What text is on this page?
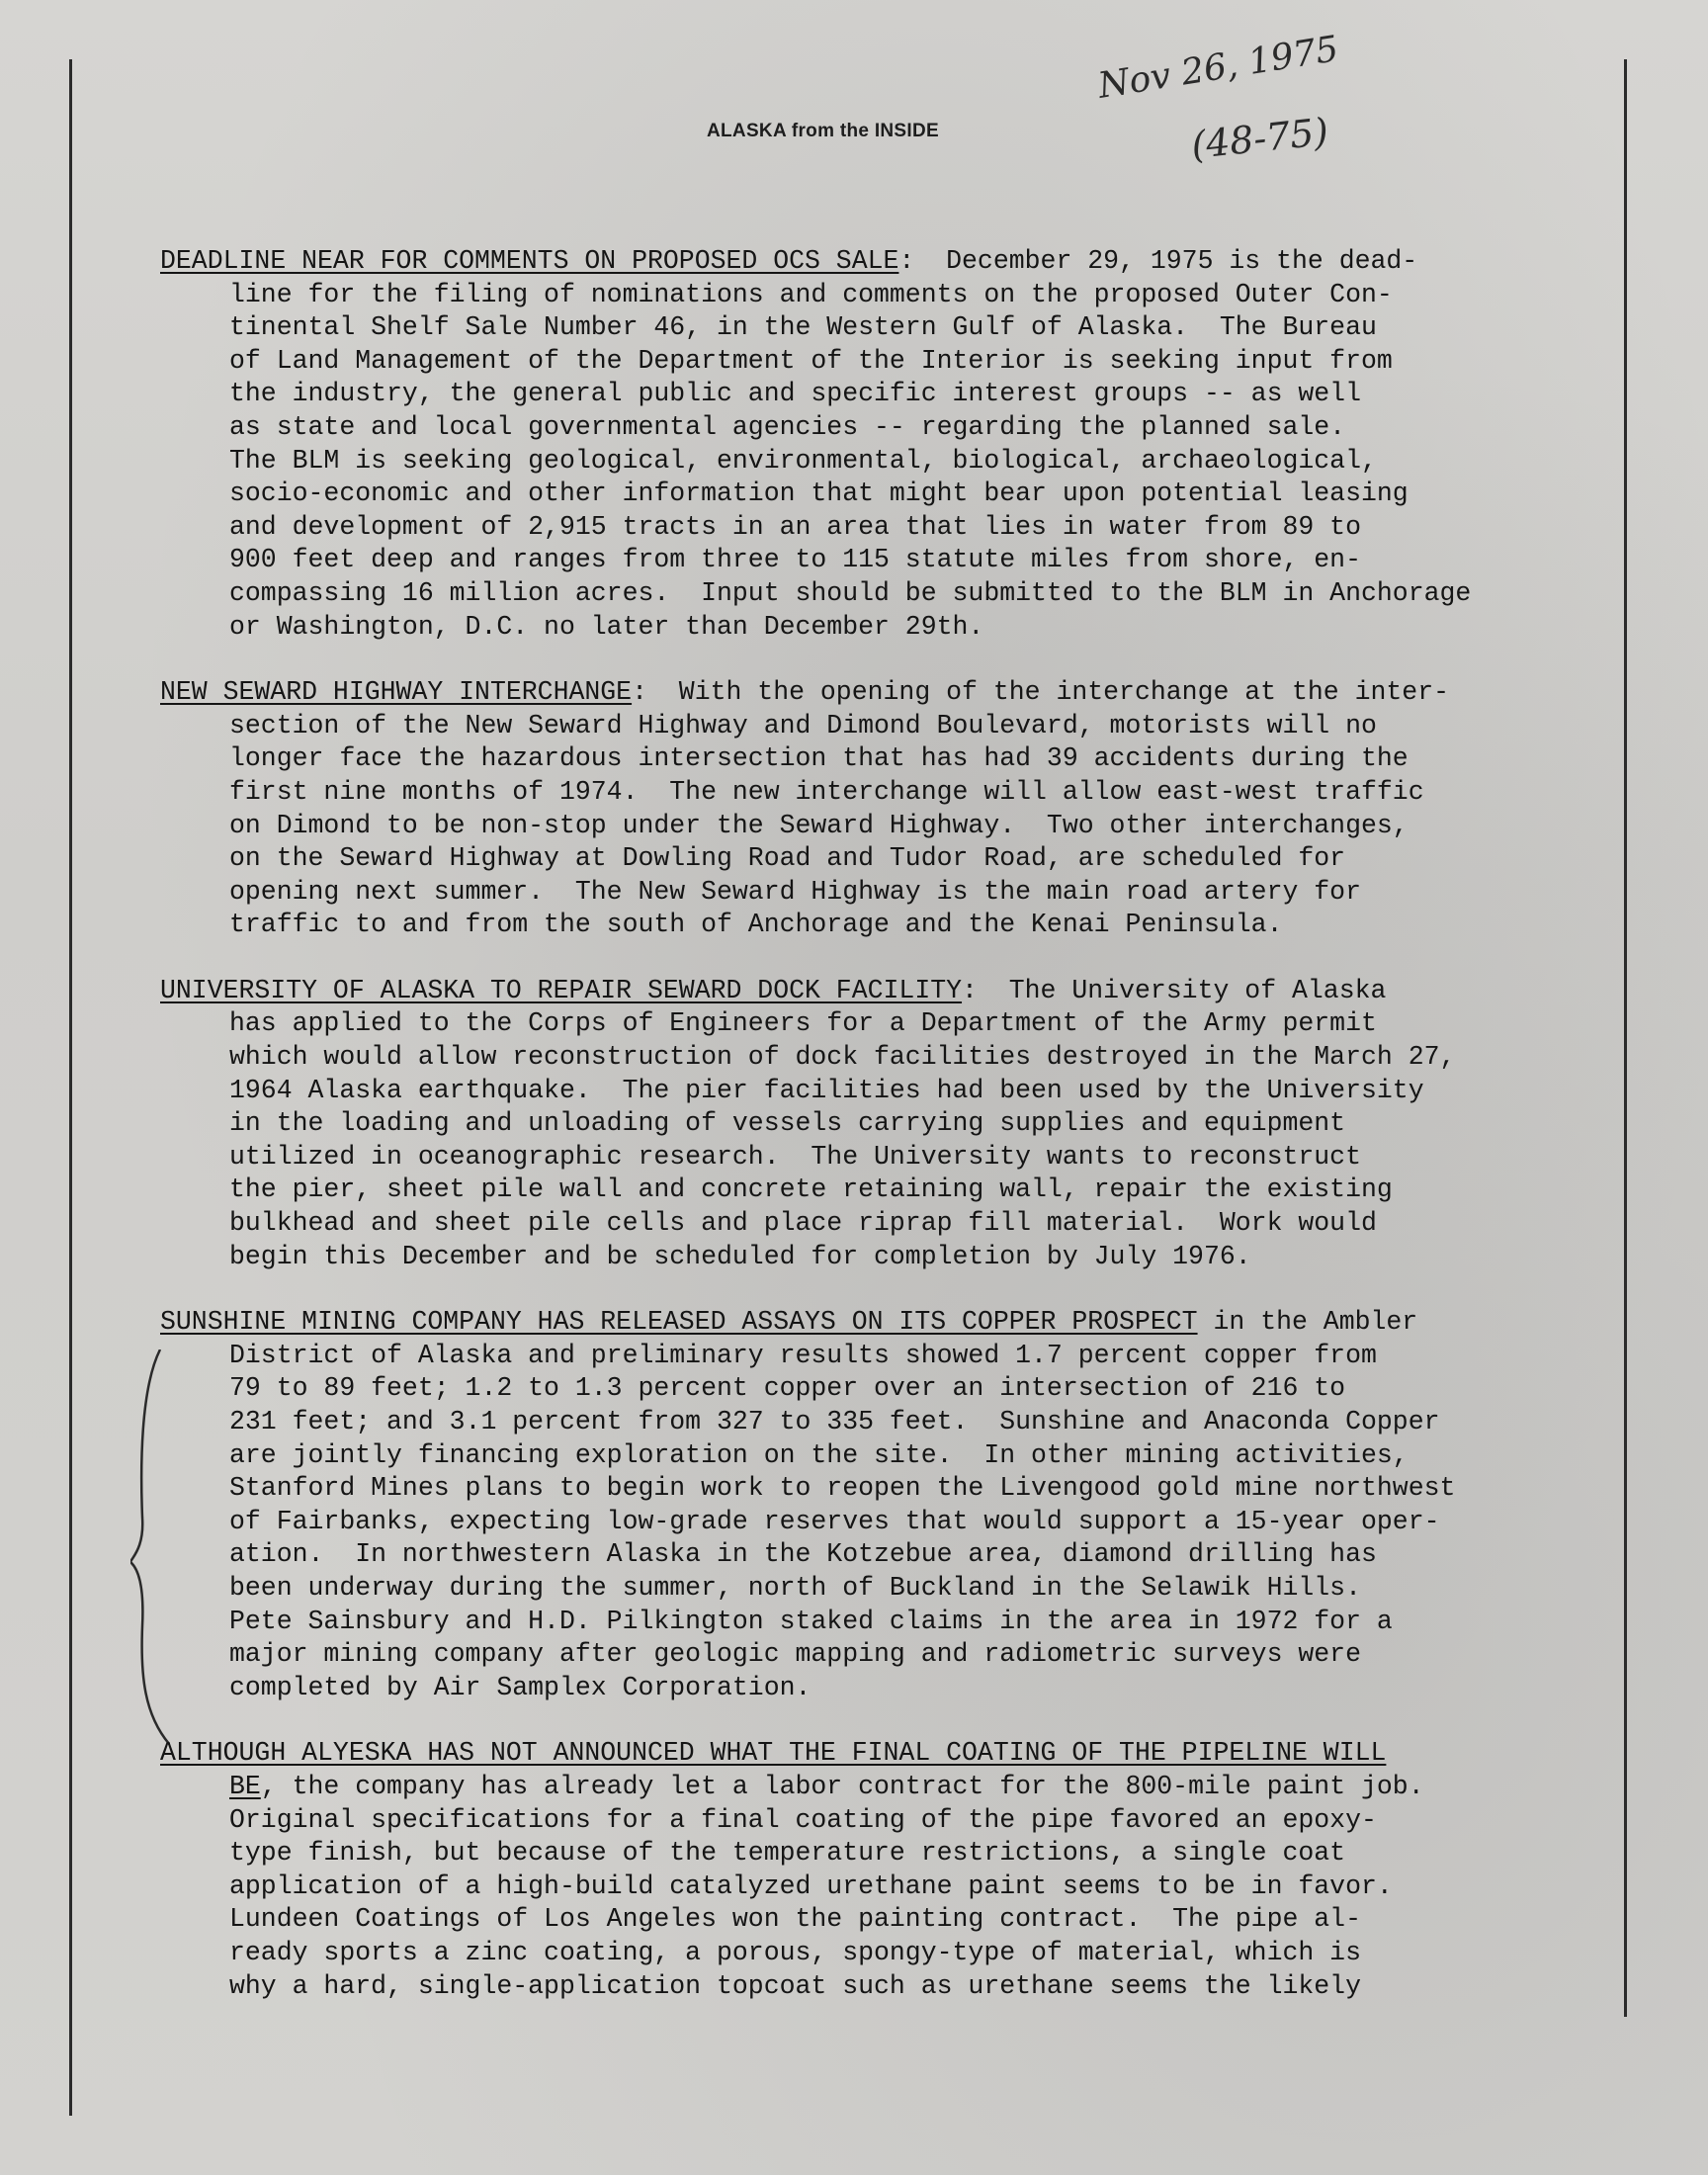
ALASKA from the INSIDE
Nov 26, 1975
(48-75)
DEADLINE NEAR FOR COMMENTS ON PROPOSED OCS SALE:  December 29, 1975 is the dead-
line for the filing of nominations and comments on the proposed Outer Con-
tinental Shelf Sale Number 46, in the Western Gulf of Alaska.  The Bureau
of Land Management of the Department of the Interior is seeking input from
the industry, the general public and specific interest groups -- as well
as state and local governmental agencies -- regarding the planned sale.
The BLM is seeking geological, environmental, biological, archaeological,
socio-economic and other information that might bear upon potential leasing
and development of 2,915 tracts in an area that lies in water from 89 to
900 feet deep and ranges from three to 115 statute miles from shore, en-
compassing 16 million acres.  Input should be submitted to the BLM in Anchorage
or Washington, D.C. no later than December 29th.
NEW SEWARD HIGHWAY INTERCHANGE:  With the opening of the interchange at the inter-
section of the New Seward Highway and Dimond Boulevard, motorists will no
longer face the hazardous intersection that has had 39 accidents during the
first nine months of 1974.  The new interchange will allow east-west traffic
on Dimond to be non-stop under the Seward Highway.  Two other interchanges,
on the Seward Highway at Dowling Road and Tudor Road, are scheduled for
opening next summer.  The New Seward Highway is the main road artery for
traffic to and from the south of Anchorage and the Kenai Peninsula.
UNIVERSITY OF ALASKA TO REPAIR SEWARD DOCK FACILITY:  The University of Alaska
has applied to the Corps of Engineers for a Department of the Army permit
which would allow reconstruction of dock facilities destroyed in the March 27,
1964 Alaska earthquake.  The pier facilities had been used by the University
in the loading and unloading of vessels carrying supplies and equipment
utilized in oceanographic research.  The University wants to reconstruct
the pier, sheet pile wall and concrete retaining wall, repair the existing
bulkhead and sheet pile cells and place riprap fill material.  Work would
begin this December and be scheduled for completion by July 1976.
SUNSHINE MINING COMPANY HAS RELEASED ASSAYS ON ITS COPPER PROSPECT in the Ambler
District of Alaska and preliminary results showed 1.7 percent copper from
79 to 89 feet; 1.2 to 1.3 percent copper over an intersection of 216 to
231 feet; and 3.1 percent from 327 to 335 feet.  Sunshine and Anaconda Copper
are jointly financing exploration on the site.  In other mining activities,
Stanford Mines plans to begin work to reopen the Livengood gold mine northwest
of Fairbanks, expecting low-grade reserves that would support a 15-year oper-
ation.  In northwestern Alaska in the Kotzebue area, diamond drilling has
been underway during the summer, north of Buckland in the Selawik Hills.
Pete Sainsbury and H.D. Pilkington staked claims in the area in 1972 for a
major mining company after geologic mapping and radiometric surveys were
completed by Air Samplex Corporation.
ALTHOUGH ALYESKA HAS NOT ANNOUNCED WHAT THE FINAL COATING OF THE PIPELINE WILL
BE, the company has already let a labor contract for the 800-mile paint job.
Original specifications for a final coating of the pipe favored an epoxy-
type finish, but because of the temperature restrictions, a single coat
application of a high-build catalyzed urethane paint seems to be in favor.
Lundeen Coatings of Los Angeles won the painting contract.  The pipe al-
ready sports a zinc coating, a porous, spongy-type of material, which is
why a hard, single-application topcoat such as urethane seems the likely
